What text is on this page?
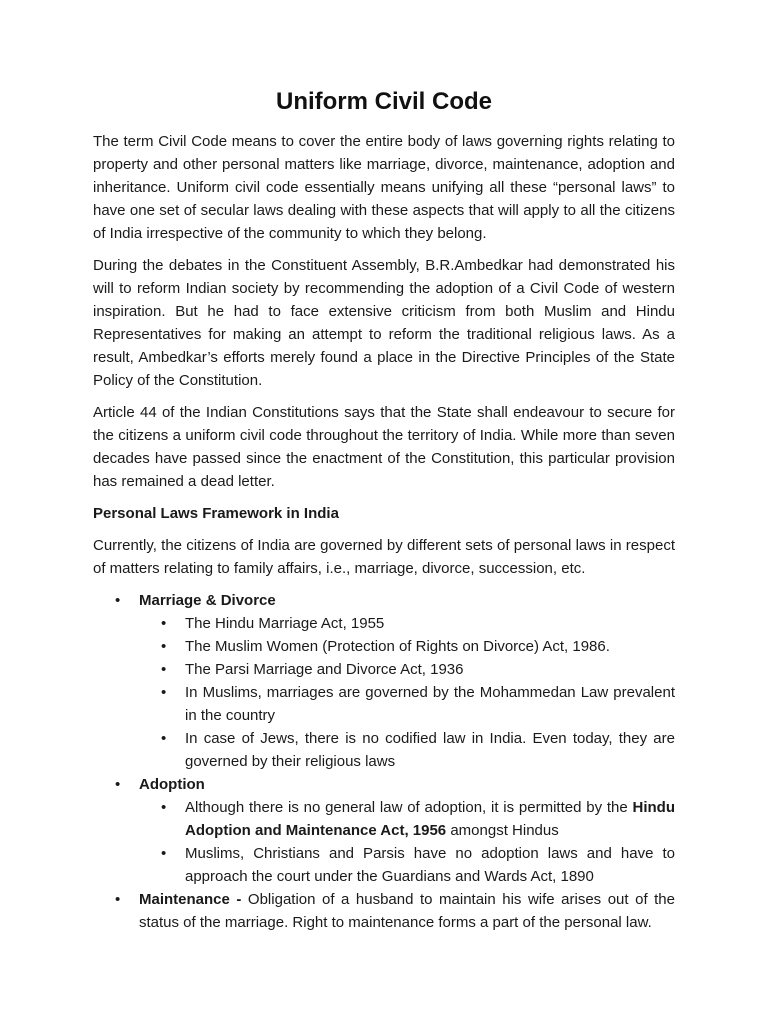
Uniform Civil Code

The term Civil Code means to cover the entire body of laws governing rights relating to property and other personal matters like marriage, divorce, maintenance, adoption and inheritance. Uniform civil code essentially means unifying all these “personal laws” to have one set of secular laws dealing with these aspects that will apply to all the citizens of India irrespective of the community to which they belong.

During the debates in the Constituent Assembly, B.R.Ambedkar had demonstrated his will to reform Indian society by recommending the adoption of a Civil Code of western inspiration. But he had to face extensive criticism from both Muslim and Hindu Representatives for making an attempt to reform the traditional religious laws. As a result, Ambedkar’s efforts merely found a place in the Directive Principles of the State Policy of the Constitution.

Article 44 of the Indian Constitutions says that the State shall endeavour to secure for the citizens a uniform civil code throughout the territory of India. While more than seven decades have passed since the enactment of the Constitution, this particular provision has remained a dead letter.

Personal Laws Framework in India

Currently, the citizens of India are governed by different sets of personal laws in respect of matters relating to family affairs, i.e., marriage, divorce, succession, etc.

• Marriage & Divorce
• The Hindu Marriage Act, 1955
• The Muslim Women (Protection of Rights on Divorce) Act, 1986.
• The Parsi Marriage and Divorce Act, 1936
• In Muslims, marriages are governed by the Mohammedan Law prevalent in the country
• In case of Jews, there is no codified law in India. Even today, they are governed by their religious laws
• Adoption
• Although there is no general law of adoption, it is permitted by the Hindu Adoption and Maintenance Act, 1956 amongst Hindus
• Muslims, Christians and Parsis have no adoption laws and have to approach the court under the Guardians and Wards Act, 1890
• Maintenance - Obligation of a husband to maintain his wife arises out of the status of the marriage. Right to maintenance forms a part of the personal law.
